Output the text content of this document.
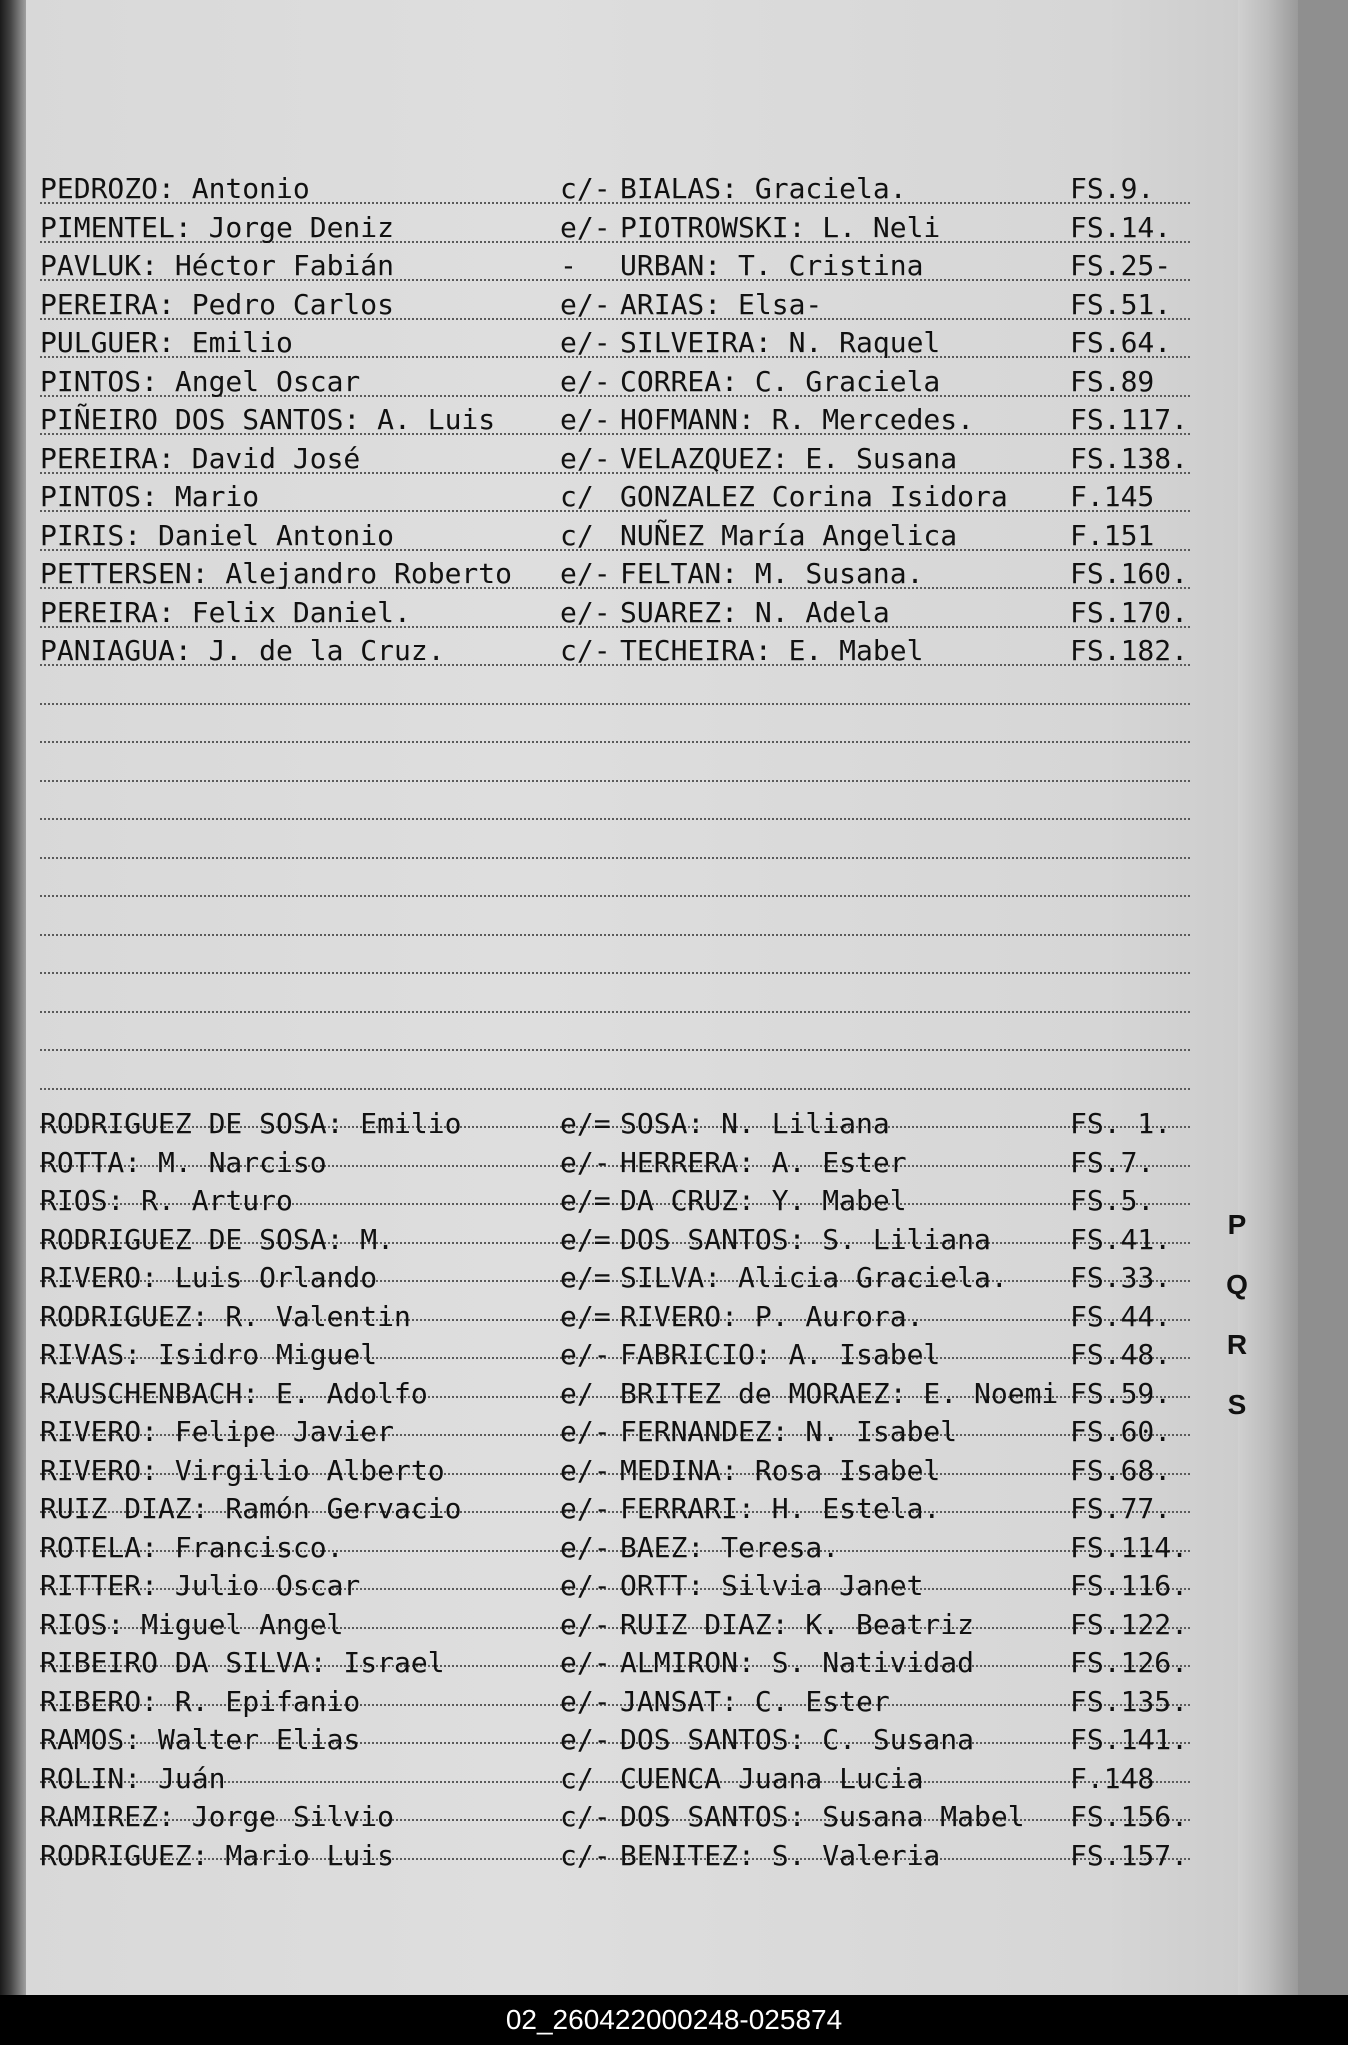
PEDROZO: Antonio	c/- BIALAS: Graciela.	FS.9.
PIMENTEL: Jorge Deniz	e/- PIOTROWSKI: L. Neli	FS.14.
PAVLUK: Héctor Fabián	- URBAN: T. Cristina	FS.25-
PEREIRA: Pedro Carlos	e/- ARIAS: Elsa-	FS.51.
PULGUER: Emilio	e/- SILVEIRA: N. Raquel	FS.64.
PINTOS: Angel Oscar	e/- CORREA: C. Graciela	FS.89
PIÑEIRO DOS SANTOS: A. Luis e/- HOFMANN: R. Mercedes.	FS.117.
PEREIRA: David José	e/- VELAZQUEZ: E. Susana	FS.138.
PINTOS: Mario	c/ GONZALEZ Corina Isidora F.145
PIRIS: Daniel Antonio	c/ NUÑEZ María Angelica	F.151
PETTERSEN: Alejandro Roberto e/- FELTAN: M. Susana.	FS.160.
PEREIRA: Felix Daniel.	e/- SUAREZ: N. Adela	FS.170.
PANIAGUA: J. de la Cruz.	c/- TECHEIRA: E. Mabel	FS.182.
RODRIGUEZ DE SOSA: Emilio	e/= SOSA: N. Liliana	FS. 1.
ROTTA: M. Narciso	e/- HERRERA: A. Ester	FS.7.
RIOS: R. Arturo	e/= DA CRUZ: Y. Mabel	FS.5.
RODRIGUEZ DE SOSA: M.	e/= DOS SANTOS: S. Liliana	FS.41.
RIVERO: Luis Orlando	e/= SILVA: Alicia Graciela. FS.33.
RODRIGUEZ: R. Valentin	e/= RIVERO: P. Aurora.	FS.44.
RIVAS: Isidro Miguel	e/- FABRICIO: A. Isabel	FS.48.
RAUSCHENBACH: E. Adolfo	e/ BRITEZ de MORAEZ: E. Noemi FS.59.
RIVERO: Felipe Javier	e/- FERNANDEZ: N. Isabel	FS.60.
RIVERO: Virgilio Alberto	e/- MEDINA: Rosa Isabel	FS.68.
RUIZ DIAZ: Ramón Gervacio	e/- FERRARI: H. Estela.	FS.77.
ROTELA: Francisco.	e/- BAEZ: Teresa.	FS.114.
RITTER: Julio Oscar	e/- ORTT: Silvia Janet	FS.116.
RIOS: Miguel Angel	e/- RUIZ DIAZ: K. Beatriz	FS.122.
RIBEIRO DA SILVA: Israel	e/- ALMIRON: S. Natividad	FS.126.
RIBERO: R. Epifanio	e/- JANSAT: C. Ester	FS.135.
RAMOS: Walter Elias	e/- DOS SANTOS: C. Susana	FS.141.
ROLIN: Juán	c/ CUENCA Juana Lucia	F.148
RAMIREZ: Jorge Silvio	c/- DOS SANTOS: Susana Mabel FS.156.
RODRIGUEZ: Mario Luis	c/- BENITEZ: S. Valeria	FS.157.
P
Q
R
S
02_260422000248-025874
